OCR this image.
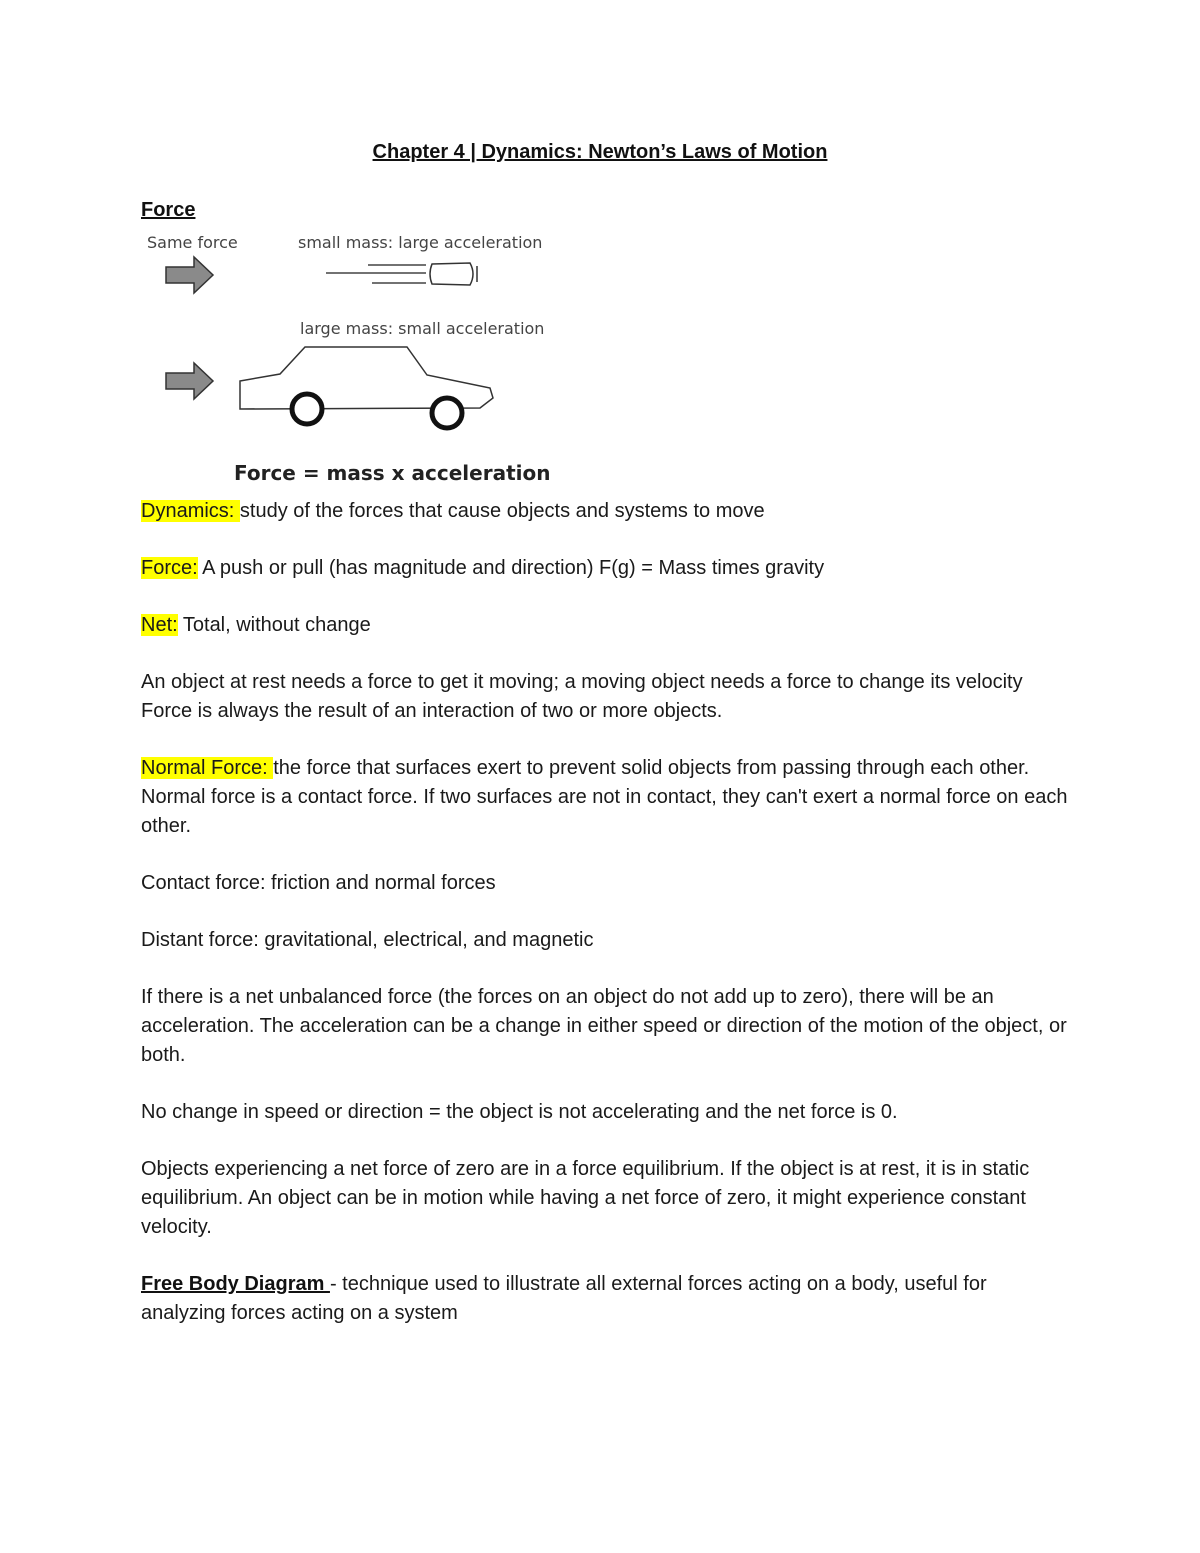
Chapter 4 | Dynamics: Newton’s Laws of Motion
Force
Same force	small mass: large acceleration
large mass: small acceleration
Force = mass x acceleration

Dynamics: study of the forces that cause objects and systems to move

Force: A push or pull (has magnitude and direction) F(g) = Mass times gravity

Net: Total, without change

An object at rest needs a force to get it moving; a moving object needs a force to change its velocity

Force is always the result of an interaction of two or more objects.

Normal Force: the force that surfaces exert to prevent solid objects from passing through each other. Normal force is a contact force. If two surfaces are not in contact, they can't exert a normal force on each other.

Contact force: friction and normal forces

Distant force: gravitational, electrical, and magnetic

If there is a net unbalanced force (the forces on an object do not add up to zero), there will be an acceleration. The acceleration can be a change in either speed or direction of the motion of the object, or both.

No change in speed or direction = the object is not accelerating and the net force is 0.

Objects experiencing a net force of zero are in a force equilibrium. If the object is at rest, it is in static equilibrium. An object can be in motion while having a net force of zero, it might experience constant velocity.

Free Body Diagram - technique used to illustrate all external forces acting on a body, useful for analyzing forces acting on a system
